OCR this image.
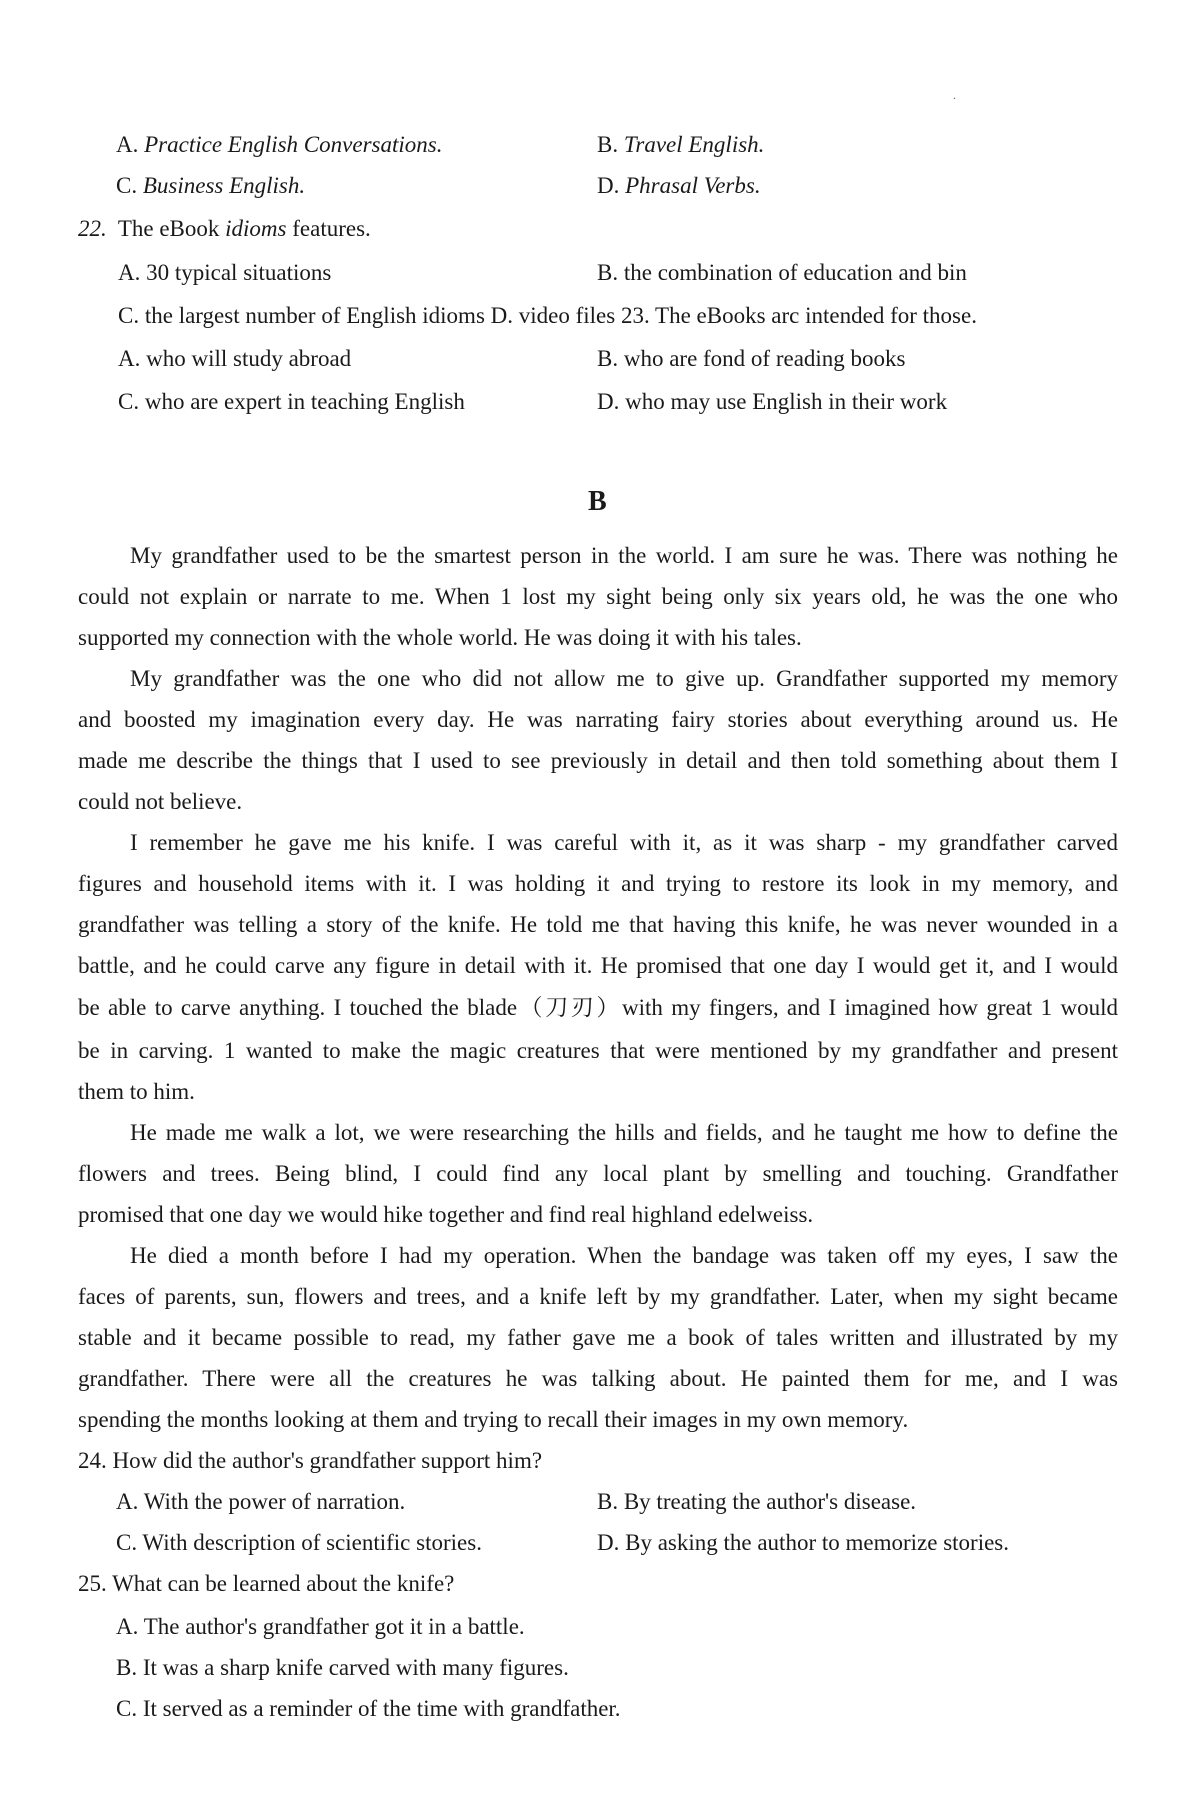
.
A. Practice English Conversations.	B. Travel English.
C. Business English.	D. Phrasal Verbs.
22. The eBook idioms features.
A. 30 typical situations	B. the combination of education and bin
C. the largest number of English idioms D. video files 23. The eBooks arc intended for those.
A. who will study abroad	B. who are fond of reading books
C. who are expert in teaching English	D. who may use English in their work
B
My grandfather used to be the smartest person in the world. I am sure he was. There was nothing he
could not explain or narrate to me. When 1 lost my sight being only six years old, he was the one who
supported my connection with the whole world. He was doing it with his tales.
My grandfather was the one who did not allow me to give up. Grandfather supported my memory
and boosted my imagination every day. He was narrating fairy stories about everything around us. He
made me describe the things that I used to see previously in detail and then told something about them I
could not believe.
I remember he gave me his knife. I was careful with it, as it was sharp - my grandfather carved
figures and household items with it. I was holding it and trying to restore its look in my memory, and
grandfather was telling a story of the knife. He told me that having this knife, he was never wounded in a
battle, and he could carve any figure in detail with it. He promised that one day I would get it, and I would
be able to carve anything. I touched the blade（刀刃）with my fingers, and I imagined how great 1 would
be in carving. 1 wanted to make the magic creatures that were mentioned by my grandfather and present
them to him.
He made me walk a lot, we were researching the hills and fields, and he taught me how to define the
flowers and trees. Being blind, I could find any local plant by smelling and touching. Grandfather
promised that one day we would hike together and find real highland edelweiss.
He died a month before I had my operation. When the bandage was taken off my eyes, I saw the
faces of parents, sun, flowers and trees, and a knife left by my grandfather. Later, when my sight became
stable and it became possible to read, my father gave me a book of tales written and illustrated by my
grandfather. There were all the creatures he was talking about. He painted them for me, and I was
spending the months looking at them and trying to recall their images in my own memory.
24. How did the author's grandfather support him?
A. With the power of narration.	B. By treating the author's disease.
C. With description of scientific stories.	D. By asking the author to memorize stories.
25. What can be learned about the knife?
A. The author's grandfather got it in a battle.
B. It was a sharp knife carved with many figures.
C. It served as a reminder of the time with grandfather.
